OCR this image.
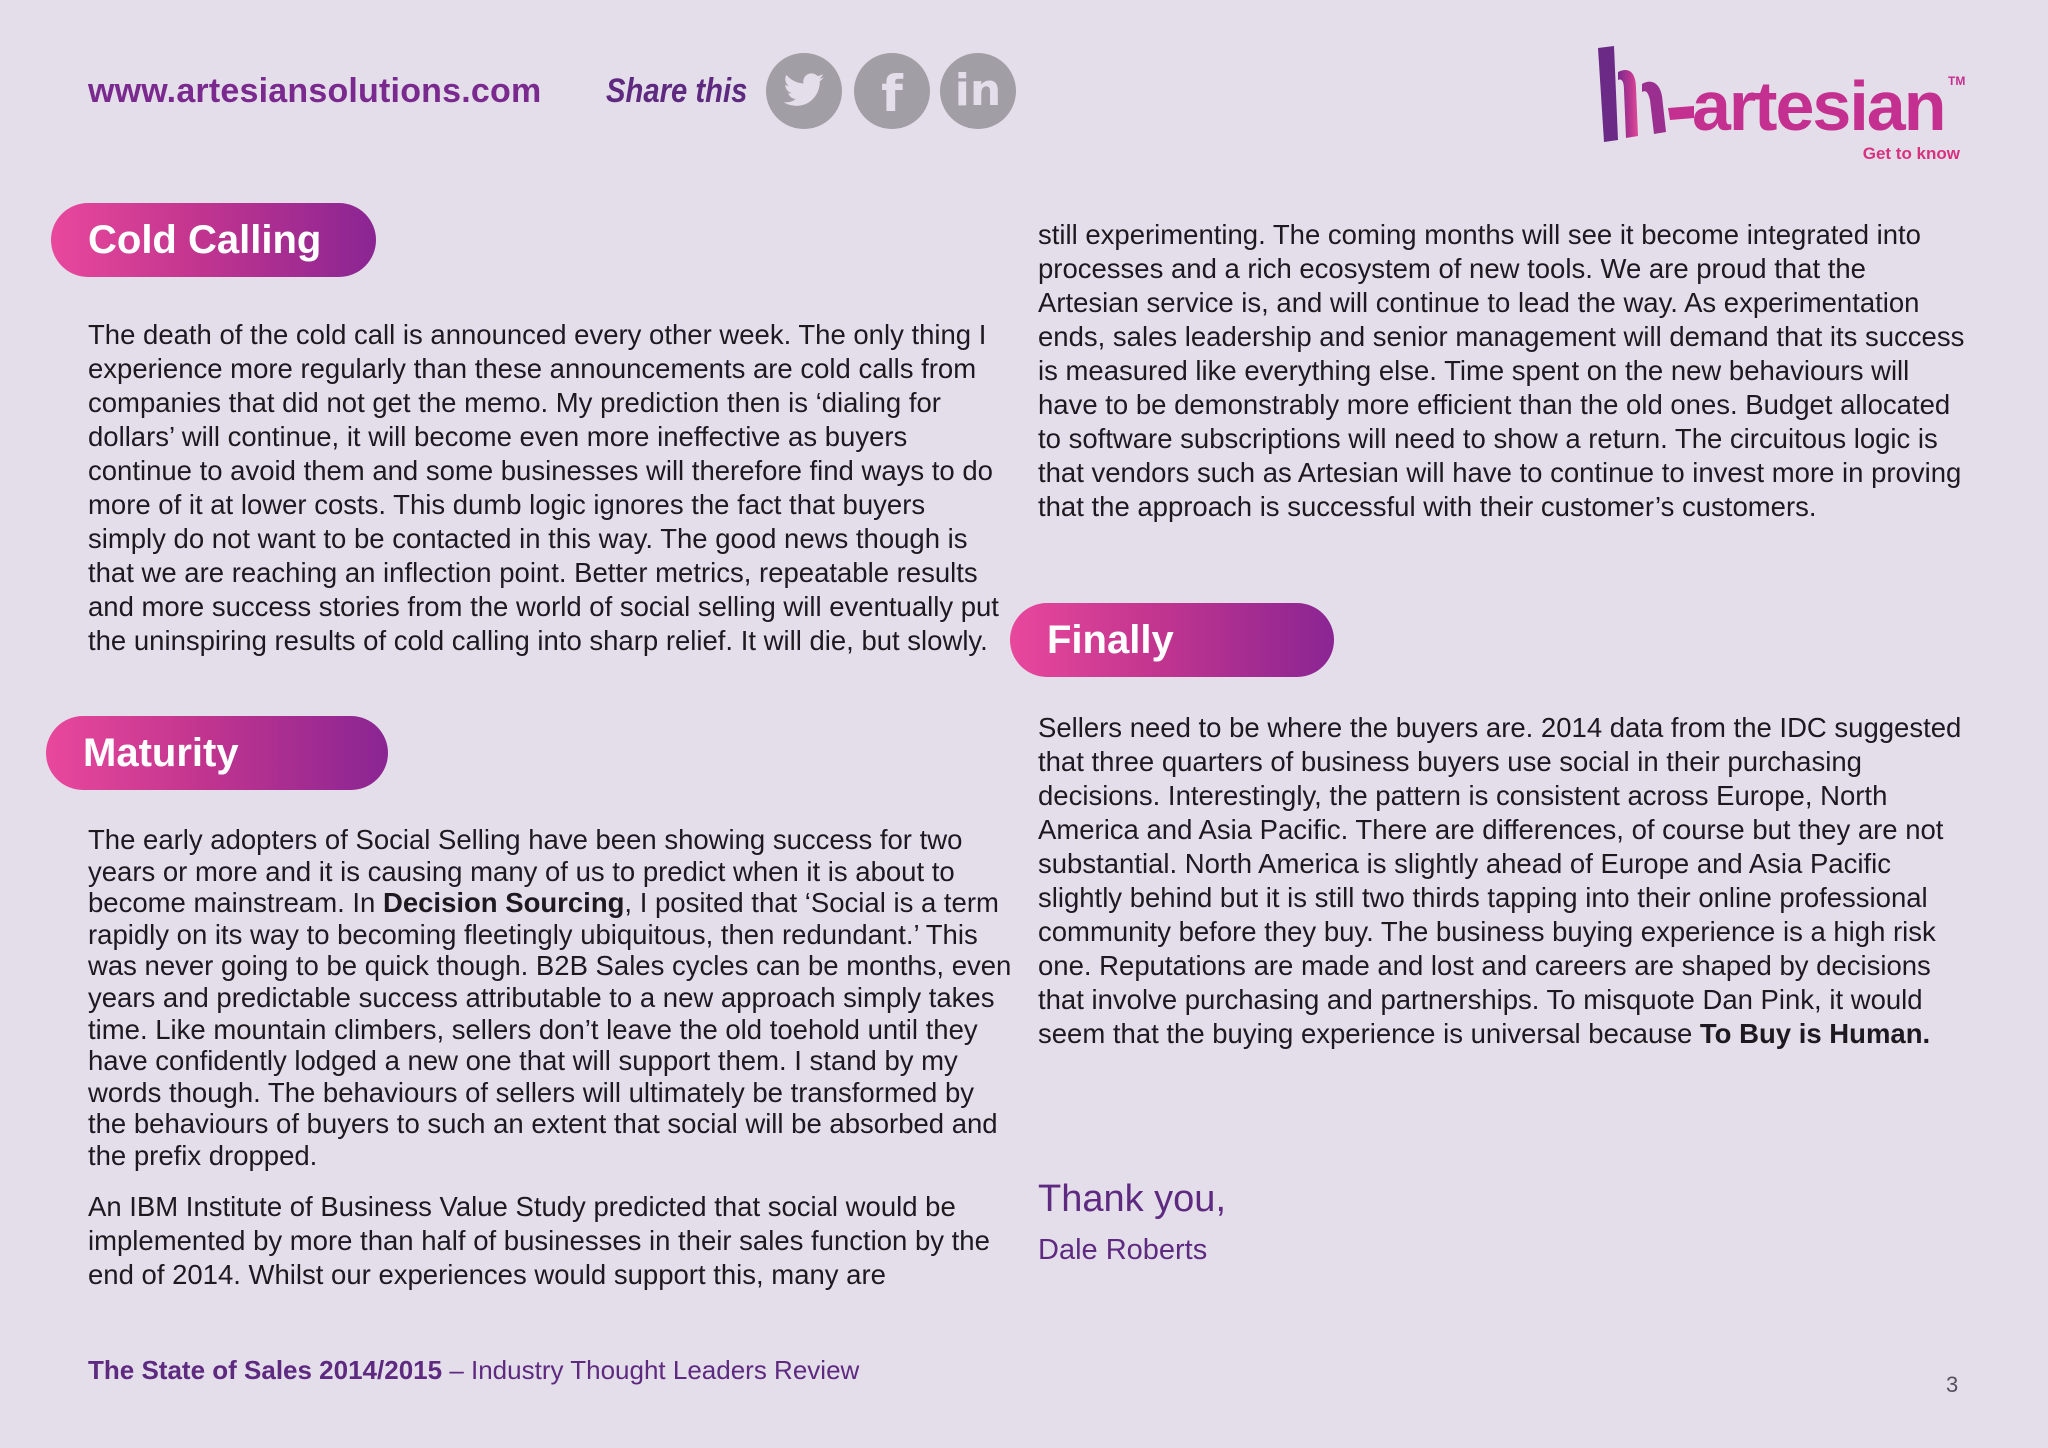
www.artesiansolutions.com Share this	f in	artesian TM
Get to know
Cold Calling

The death of the cold call is announced every other week. The only thing I experience more regularly than these announcements are cold calls from companies that did not get the memo. My prediction then is ‘dialing for dollars’ will continue, it will become even more ineffective as buyers continue to avoid them and some businesses will therefore find ways to do more of it at lower costs. This dumb logic ignores the fact that buyers simply do not want to be contacted in this way. The good news though is that we are reaching an inflection point. Better metrics, repeatable results and more success stories from the world of social selling will eventually put the uninspiring results of cold calling into sharp relief. It will die, but slowly.

Maturity

The early adopters of Social Selling have been showing success for two years or more and it is causing many of us to predict when it is about to become mainstream. In Decision Sourcing, I posited that ‘Social is a term rapidly on its way to becoming fleetingly ubiquitous, then redundant.’ This was never going to be quick though. B2B Sales cycles can be months, even years and predictable success attributable to a new approach simply takes time. Like mountain climbers, sellers don’t leave the old toehold until they have confidently lodged a new one that will support them. I stand by my words though. The behaviours of sellers will ultimately be transformed by the behaviours of buyers to such an extent that social will be absorbed and the prefix dropped.

An IBM Institute of Business Value Study predicted that social would be implemented by more than half of businesses in their sales function by the end of 2014. Whilst our experiences would support this, many are

still experimenting. The coming months will see it become integrated into processes and a rich ecosystem of new tools. We are proud that the Artesian service is, and will continue to lead the way. As experimentation ends, sales leadership and senior management will demand that its success is measured like everything else. Time spent on the new behaviours will have to be demonstrably more efficient than the old ones. Budget allocated to software subscriptions will need to show a return. The circuitous logic is that vendors such as Artesian will have to continue to invest more in proving that the approach is successful with their customer’s customers.

Finally

Sellers need to be where the buyers are. 2014 data from the IDC suggested that three quarters of business buyers use social in their purchasing decisions. Interestingly, the pattern is consistent across Europe, North America and Asia Pacific. There are differences, of course but they are not substantial. North America is slightly ahead of Europe and Asia Pacific slightly behind but it is still two thirds tapping into their online professional community before they buy. The business buying experience is a high risk one. Reputations are made and lost and careers are shaped by decisions that involve purchasing and partnerships. To misquote Dan Pink, it would seem that the buying experience is universal because To Buy is Human.

Thank you,
Dale Roberts
The State of Sales 2014/2015 – Industry Thought Leaders Review	3
